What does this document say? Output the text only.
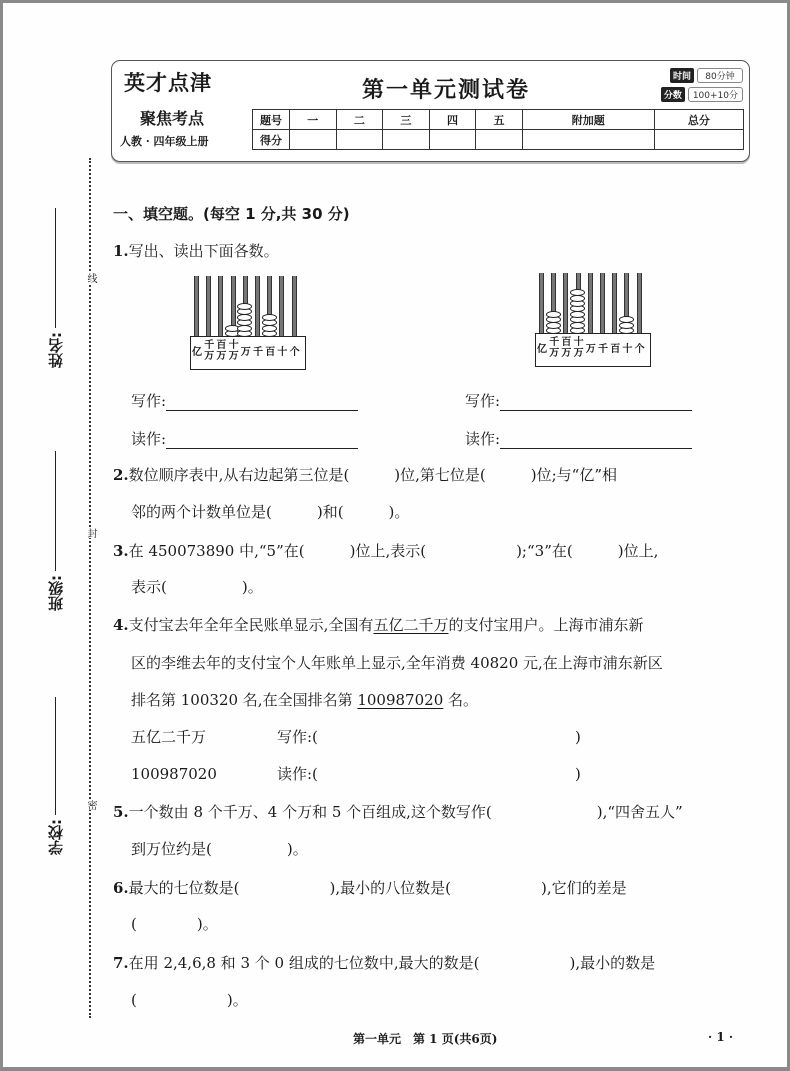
英才点津
聚焦考点
人教 · 四年级上册
第一单元测试卷
时间	80分钟
分数	100+10分
题号	一	二	三	四	五	附加题	总分
得分							
线
封
密
姓名:
班级:
学校:
一、填空题。(每空 1 分,共 30 分)
1.写出、读出下面各数。
亿
千
万
百
万
十
万 万 千 百 十 个	亿
千
万
百
万
十
万 万 千 百 十 个
写作:
读作:
写作:
读作:
2.数位顺序表中,从右边起第三位是(　　　)位,第七位是(　　　)位;与“亿”相
邻的两个计数单位是(　　　)和(　　　)。
3.在 450073890 中,“5”在(　　　)位上,表示(　　　　　　);“3”在(　　　)位上,
表示(　　　　　)。
4.支付宝去年全年全民账单显示,全国有五亿二千万的支付宝用户。上海市浦东新
区的李维去年的支付宝个人年账单上显示,全年消费 40820 元,在上海市浦东新区
排名第 100320 名,在全国排名第 100987020 名。
五亿二千万	写作:(	)
100987020	读作:(	)
5.一个数由 8 个千万、4 个万和 5 个百组成,这个数写作(　　　　　　　),“四舍五人”
到万位约是(　　　　　)。
6.最大的七位数是(　　　　　　),最小的八位数是(　　　　　　),它们的差是
(　　　　)。
7.在用 2,4,6,8 和 3 个 0 组成的七位数中,最大的数是(　　　　　　),最小的数是
(　　　　　　)。
第一单元　第 1 页(共6页)	· 1 ·
